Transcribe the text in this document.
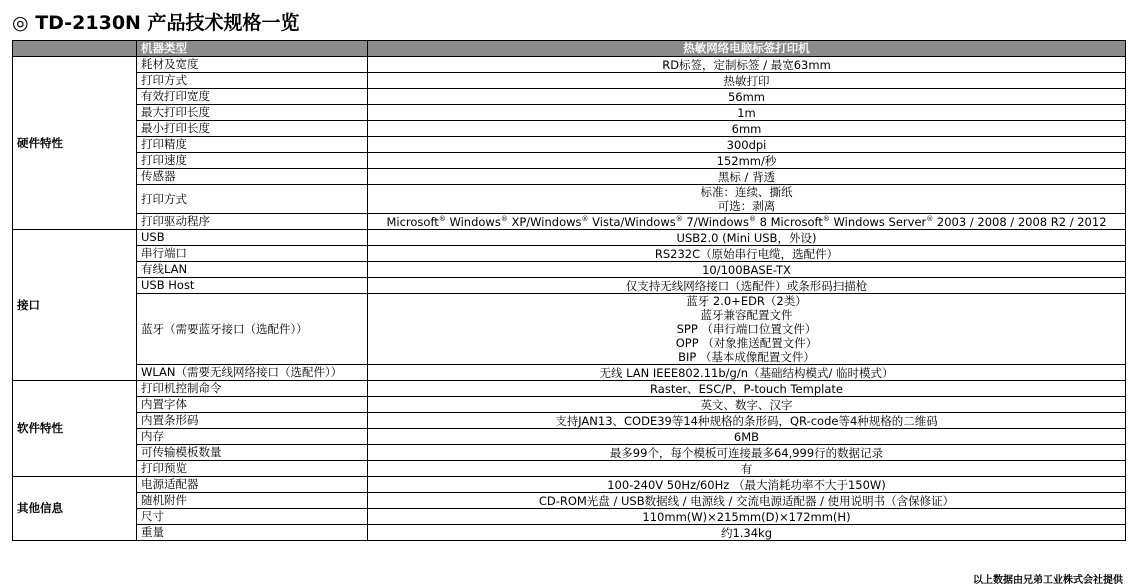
◎ TD-2130N 产品技术规格一览
	机器类型	热敏网络电脑标签打印机
硬件特性	耗材及宽度	RD标签，定制标签 / 最宽63mm

	打印方式	热敏打印

	有效打印宽度	56mm

	最大打印长度	1m

	最小打印长度	6mm

	打印精度	300dpi

	打印速度	152mm/秒

	传感器	黑标 / 背透

	打印方式	标准：连续、撕纸
可选：剥离

	打印驱动程序	Microsoft® Windows® XP/Windows® Vista/Windows® 7/Windows® 8 Microsoft® Windows Server® 2003 / 2008 / 2008 R2 / 2012

接口	USB	USB2.0 (Mini USB，外设)

	串行端口	RS232C（原始串行电缆，选配件）

	有线LAN	10/100BASE-TX

	USB Host	仅支持无线网络接口（选配件）或条形码扫描枪

	蓝牙（需要蓝牙接口（选配件））	蓝牙 2.0+EDR（2类）
蓝牙兼容配置文件
SPP （串行端口位置文件）
OPP （对象推送配置文件）
BIP （基本成像配置文件）

	WLAN（需要无线网络接口（选配件））	无线 LAN IEEE802.11b/g/n（基础结构模式/ 临时模式）

软件特性	打印机控制命令	Raster、ESC/P、P-touch Template

	内置字体	英文、数字、汉字

	内置条形码	支持JAN13、CODE39等14种规格的条形码，QR-code等4种规格的二维码

	内存	6MB

	可传输模板数量	最多99个，每个模板可连接最多64,999行的数据记录

	打印预览	有

其他信息	电源适配器	100-240V 50Hz/60Hz （最大消耗功率不大于150W)

	随机附件	CD-ROM光盘 / USB数据线 / 电源线 / 交流电源适配器 / 使用说明书（含保修证）

	尺寸	110mm(W)×215mm(D)×172mm(H)

	重量	约1.34kg
以上数据由兄弟工业株式会社提供
